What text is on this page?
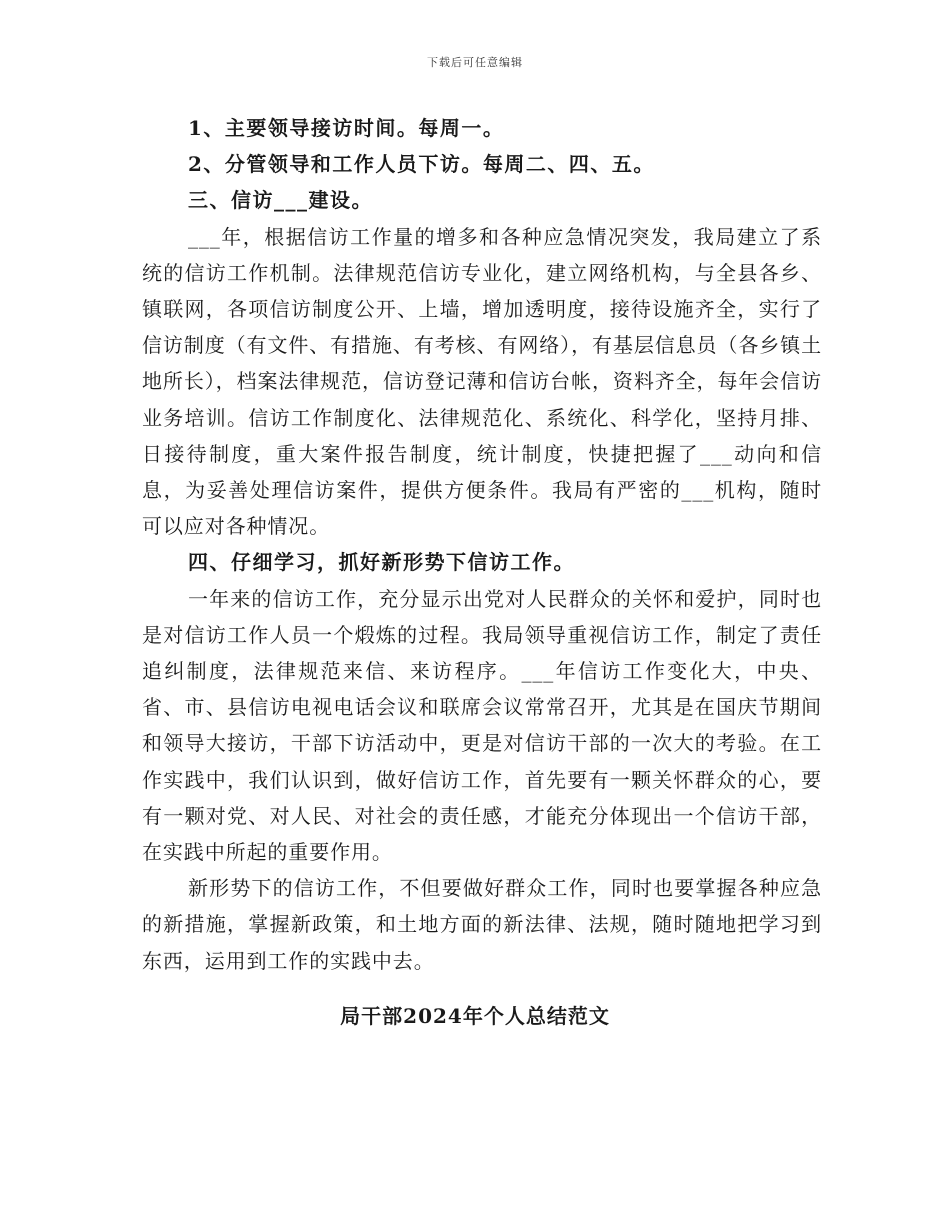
下载后可任意编辑

1、主要领导接访时间。每周一。

2、分管领导和工作人员下访。每周二、四、五。

三、信访___建设。

___年，根据信访工作量的增多和各种应急情况突发，我局建立了系统的信访工作机制。法律规范信访专业化，建立网络机构，与全县各乡、镇联网，各项信访制度公开、上墙，增加透明度，接待设施齐全，实行了信访制度（有文件、有措施、有考核、有网络），有基层信息员（各乡镇土地所长），档案法律规范，信访登记薄和信访台帐，资料齐全，每年会信访业务培训。信访工作制度化、法律规范化、系统化、科学化，坚持月排、日接待制度，重大案件报告制度，统计制度，快捷把握了___动向和信息，为妥善处理信访案件，提供方便条件。我局有严密的___机构，随时可以应对各种情况。

四、仔细学习，抓好新形势下信访工作。

一年来的信访工作，充分显示出党对人民群众的关怀和爱护，同时也是对信访工作人员一个煅炼的过程。我局领导重视信访工作，制定了责任追纠制度，法律规范来信、来访程序。___年信访工作变化大，中央、省、市、县信访电视电话会议和联席会议常常召开，尤其是在国庆节期间和领导大接访，干部下访活动中，更是对信访干部的一次大的考验。在工作实践中，我们认识到，做好信访工作，首先要有一颗关怀群众的心，要有一颗对党、对人民、对社会的责任感，才能充分体现出一个信访干部，在实践中所起的重要作用。

新形势下的信访工作，不但要做好群众工作，同时也要掌握各种应急的新措施，掌握新政策，和土地方面的新法律、法规，随时随地把学习到东西，运用到工作的实践中去。

局干部2024年个人总结范文
